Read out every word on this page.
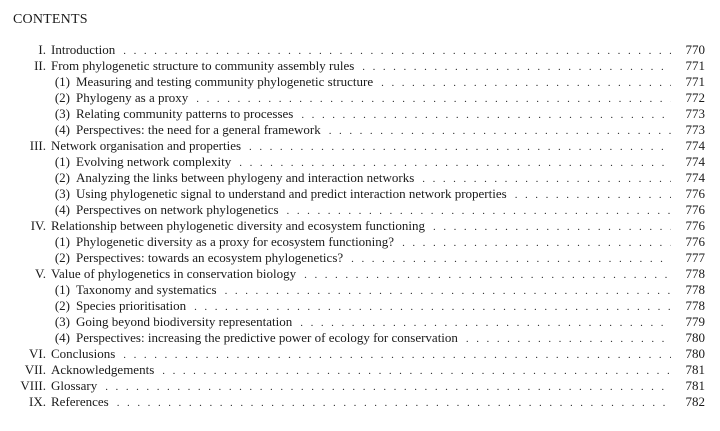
CONTENTS
I. Introduction . . .	770
II. From phylogenetic structure to community assembly rules . . .	771
(1) Measuring and testing community phylogenetic structure . . .	771
(2) Phylogeny as a proxy . . .	772
(3) Relating community patterns to processes . . .	773
(4) Perspectives: the need for a general framework . . .	773
III. Network organisation and properties . . .	774
(1) Evolving network complexity . . .	774
(2) Analyzing the links between phylogeny and interaction networks . . .	774
(3) Using phylogenetic signal to understand and predict interaction network properties . . .	776
(4) Perspectives on network phylogenetics . . .	776
IV. Relationship between phylogenetic diversity and ecosystem functioning . . .	776
(1) Phylogenetic diversity as a proxy for ecosystem functioning? . . .	776
(2) Perspectives: towards an ecosystem phylogenetics? . . .	777
V. Value of phylogenetics in conservation biology . . .	778
(1) Taxonomy and systematics . . .	778
(2) Species prioritisation . . .	778
(3) Going beyond biodiversity representation . . .	779
(4) Perspectives: increasing the predictive power of ecology for conservation . . .	780
VI. Conclusions . . .	780
VII. Acknowledgements . . .	781
VIII. Glossary . . .	781
IX. References . . .	782
